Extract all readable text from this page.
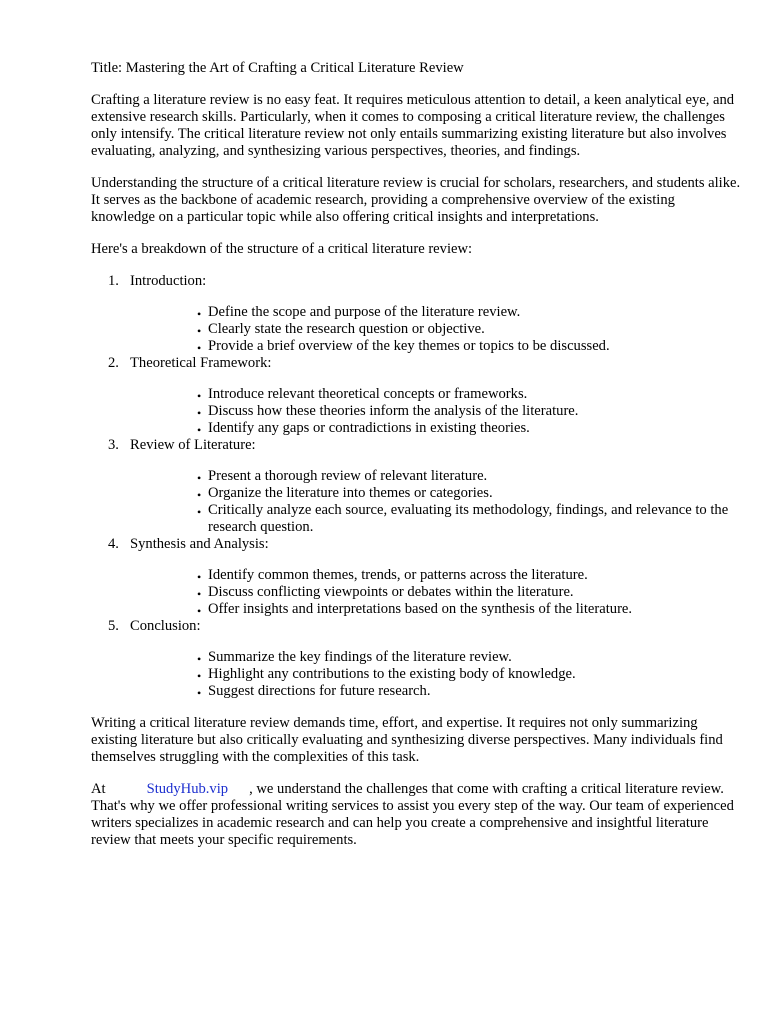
Title: Mastering the Art of Crafting a Critical Literature Review

Crafting a literature review is no easy feat. It requires meticulous attention to detail, a keen analytical eye, and extensive research skills. Particularly, when it comes to composing a critical literature review, the challenges only intensify. The critical literature review not only entails summarizing existing literature but also involves evaluating, analyzing, and synthesizing various perspectives, theories, and findings.

Understanding the structure of a critical literature review is crucial for scholars, researchers, and students alike. It serves as the backbone of academic research, providing a comprehensive overview of the existing knowledge on a particular topic while also offering critical insights and interpretations.

Here's a breakdown of the structure of a critical literature review:

1. Introduction:
• Define the scope and purpose of the literature review.
• Clearly state the research question or objective.
• Provide a brief overview of the key themes or topics to be discussed.
2. Theoretical Framework:
• Introduce relevant theoretical concepts or frameworks.
• Discuss how these theories inform the analysis of the literature.
• Identify any gaps or contradictions in existing theories.
3. Review of Literature:
• Present a thorough review of relevant literature.
• Organize the literature into themes or categories.
• Critically analyze each source, evaluating its methodology, findings, and relevance to the research question.
4. Synthesis and Analysis:
• Identify common themes, trends, or patterns across the literature.
• Discuss conflicting viewpoints or debates within the literature.
• Offer insights and interpretations based on the synthesis of the literature.
5. Conclusion:
• Summarize the key findings of the literature review.
• Highlight any contributions to the existing body of knowledge.
• Suggest directions for future research.

Writing a critical literature review demands time, effort, and expertise. It requires not only summarizing existing literature but also critically evaluating and synthesizing diverse perspectives. Many individuals find themselves struggling with the complexities of this task.

At	StudyHub.vip , we understand the challenges that come with crafting a critical literature review. That's why we offer professional writing services to assist you every step of the way. Our team of experienced writers specializes in academic research and can help you create a comprehensive and insightful literature review that meets your specific requirements.
